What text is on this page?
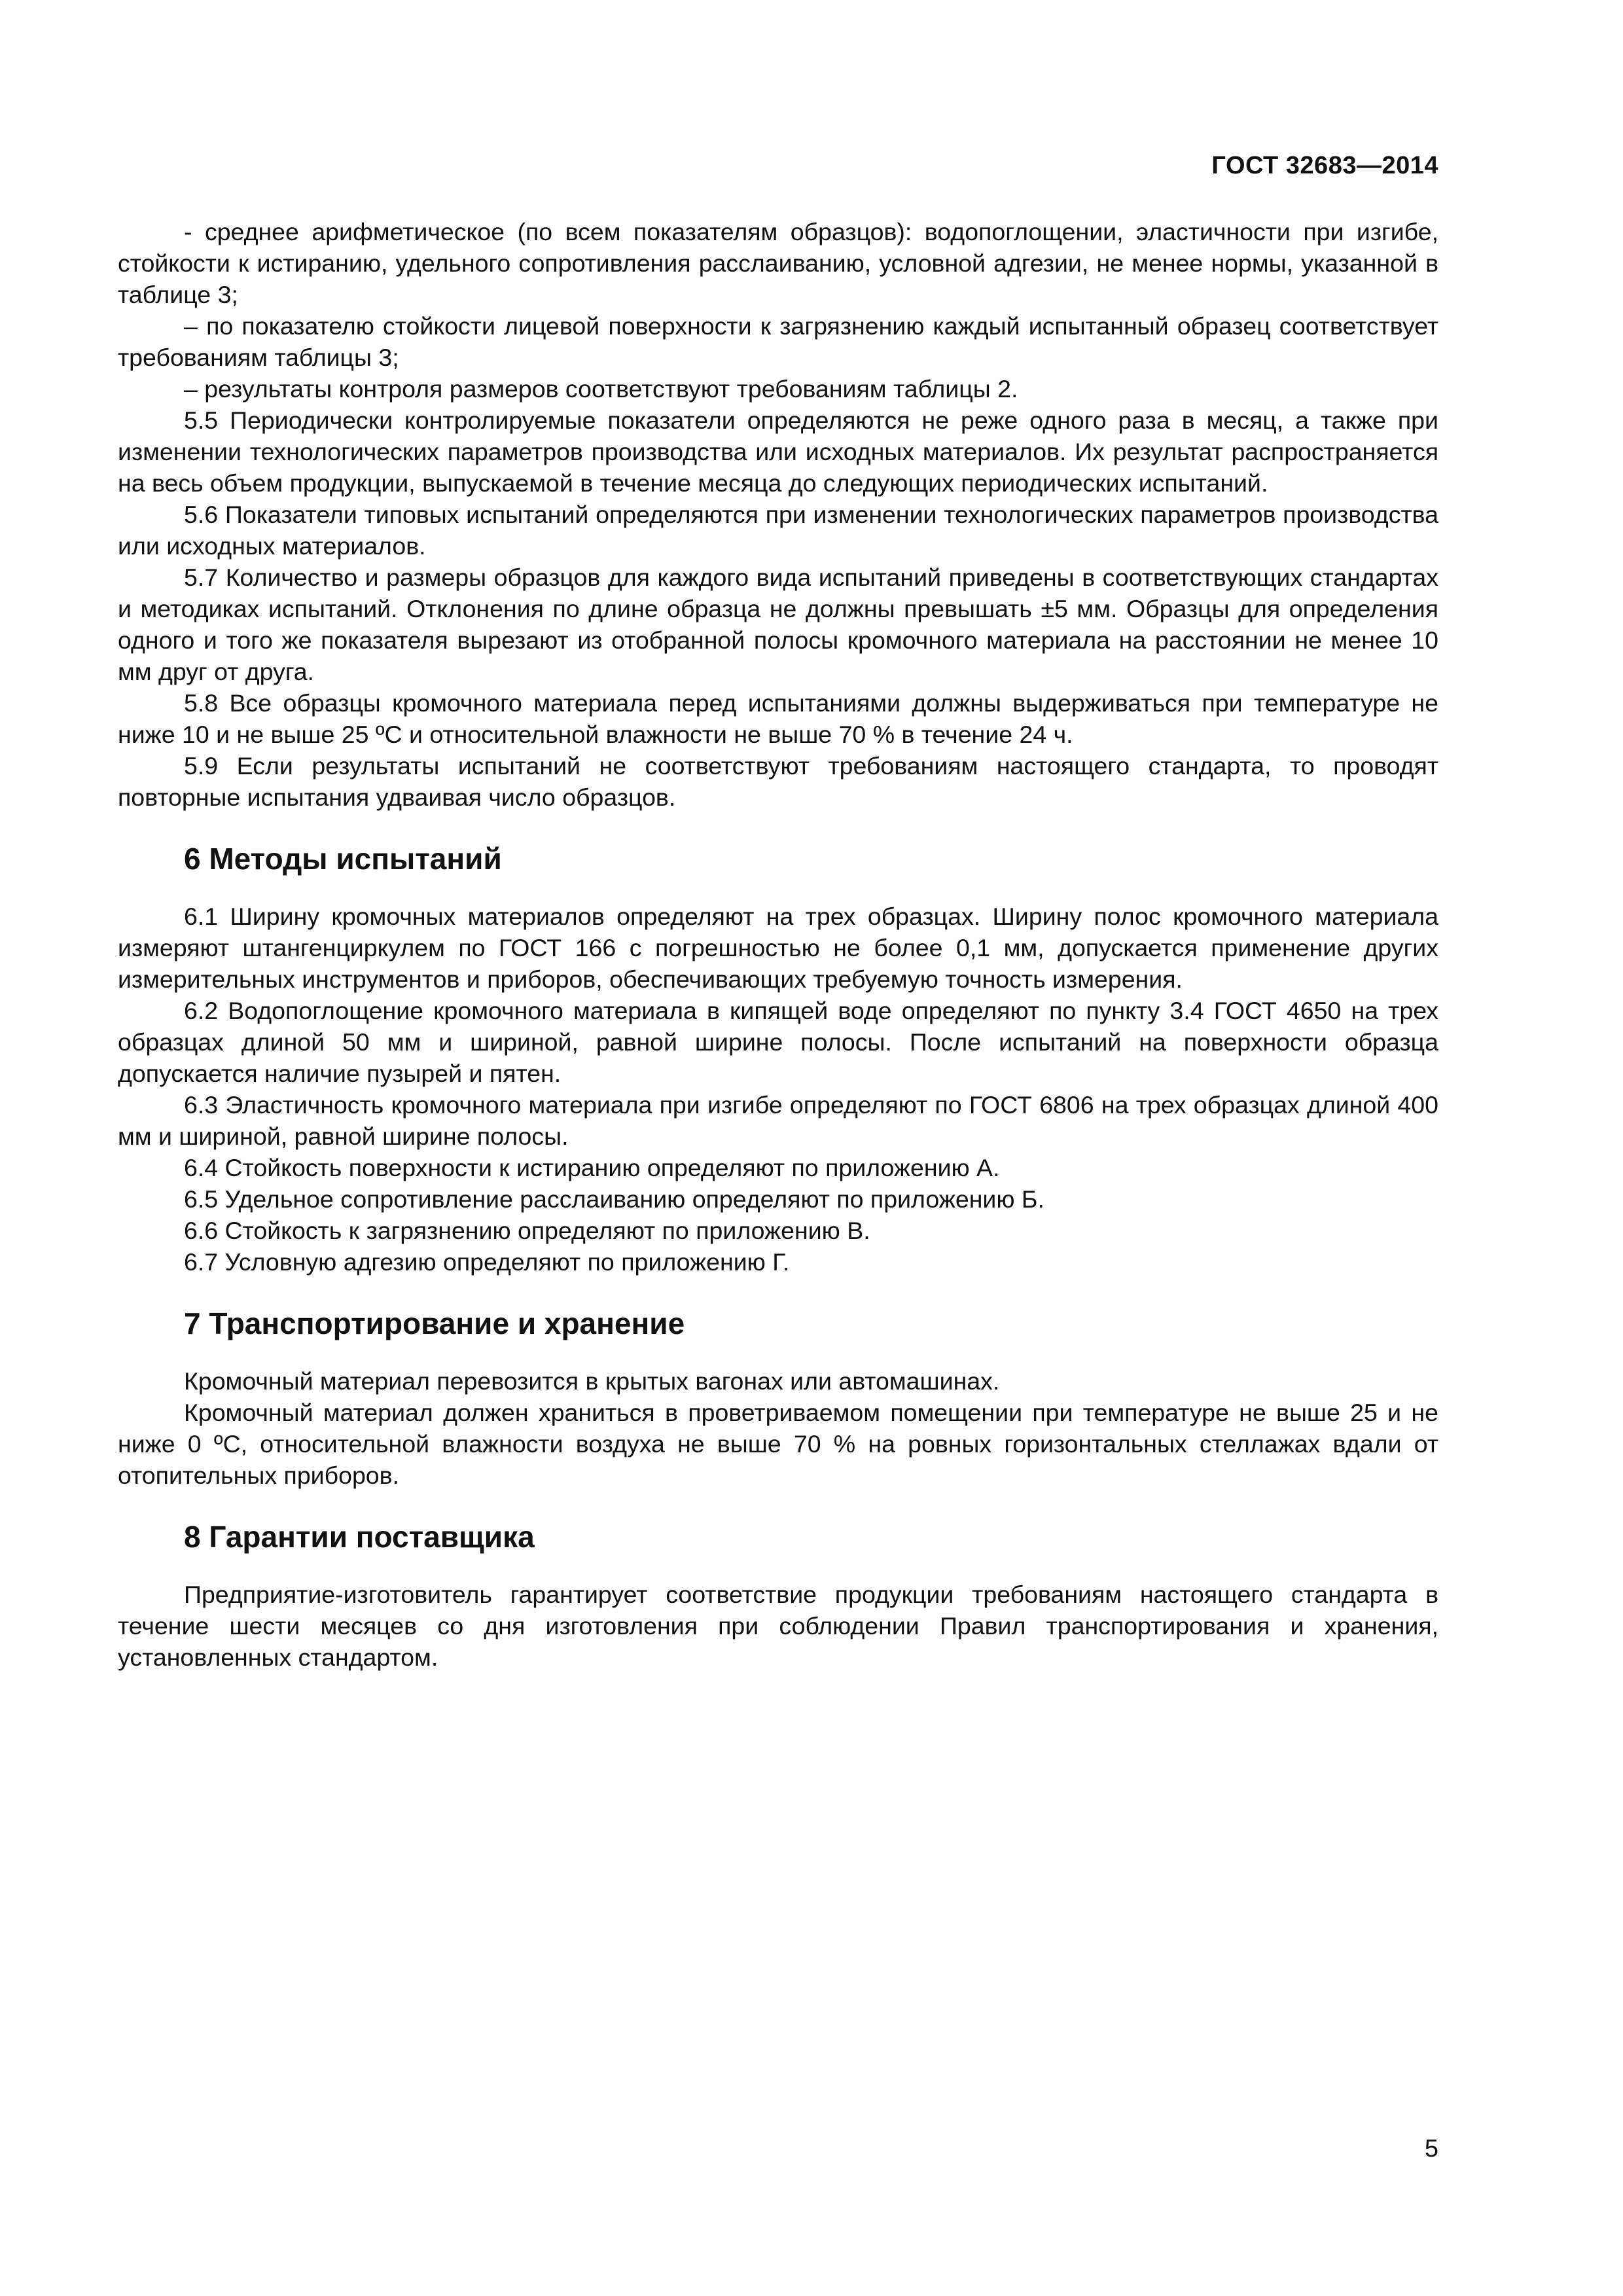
ГОСТ 32683—2014

- среднее арифметическое (по всем показателям образцов): водопоглощении, эластичности при изгибе, стойкости к истиранию, удельного сопротивления расслаиванию, условной адгезии, не менее нормы, указанной в таблице 3;

– по показателю стойкости лицевой поверхности к загрязнению каждый испытанный образец соответствует требованиям таблицы 3;

– результаты контроля размеров соответствуют требованиям таблицы 2.

5.5 Периодически контролируемые показатели определяются не реже одного раза в месяц, а также при изменении технологических параметров производства или исходных материалов. Их результат распространяется на весь объем продукции, выпускаемой в течение месяца до следующих периодических испытаний.

5.6 Показатели типовых испытаний определяются при изменении технологических параметров производства или исходных материалов.

5.7 Количество и размеры образцов для каждого вида испытаний приведены в соответствующих стандартах и методиках испытаний. Отклонения по длине образца не должны превышать ±5 мм. Образцы для определения одного и того же показателя вырезают из отобранной полосы кромочного материала на расстоянии не менее 10 мм друг от друга.

5.8 Все образцы кромочного материала перед испытаниями должны выдерживаться при температуре не ниже 10 и не выше 25 ºС и относительной влажности не выше 70 % в течение 24 ч.

5.9 Если результаты испытаний не соответствуют требованиям настоящего стандарта, то проводят повторные испытания удваивая число образцов.

6 Методы испытаний

6.1 Ширину кромочных материалов определяют на трех образцах. Ширину полос кромочного материала измеряют штангенциркулем по ГОСТ 166 с погрешностью не более 0,1 мм, допускается применение других измерительных инструментов и приборов, обеспечивающих требуемую точность измерения.

6.2 Водопоглощение кромочного материала в кипящей воде определяют по пункту 3.4 ГОСТ 4650 на трех образцах длиной 50 мм и шириной, равной ширине полосы. После испытаний на поверхности образца допускается наличие пузырей и пятен.

6.3 Эластичность кромочного материала при изгибе определяют по ГОСТ 6806 на трех образцах длиной 400 мм и шириной, равной ширине полосы.

6.4 Стойкость поверхности к истиранию определяют по приложению А.

6.5 Удельное сопротивление расслаиванию определяют по приложению Б.

6.6 Стойкость к загрязнению определяют по приложению В.

6.7 Условную адгезию определяют по приложению Г.

7 Транспортирование и хранение

Кромочный материал перевозится в крытых вагонах или автомашинах.

Кромочный материал должен храниться в проветриваемом помещении при температуре не выше 25 и не ниже 0 ºС, относительной влажности воздуха не выше 70 % на ровных горизонтальных стеллажах вдали от отопительных приборов.

8 Гарантии поставщика

Предприятие-изготовитель гарантирует соответствие продукции требованиям настоящего стандарта в течение шести месяцев со дня изготовления при соблюдении Правил транспортирования и хранения, установленных стандартом.

5
